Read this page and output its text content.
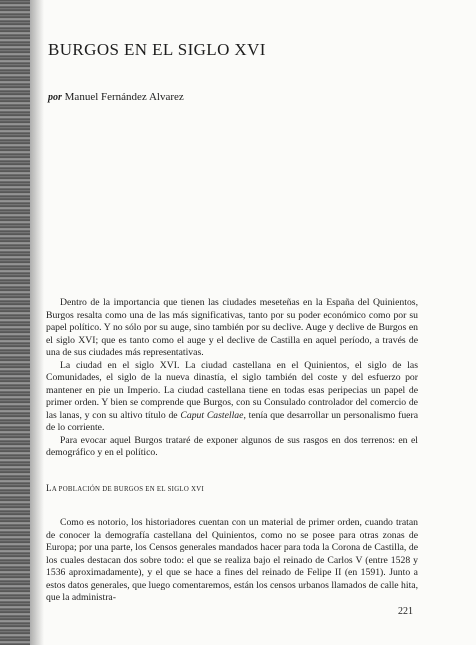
BURGOS EN EL SIGLO XVI
por Manuel Fernández Alvarez

Dentro de la importancia que tienen las ciudades meseteñas en la España del Quinientos, Burgos resalta como una de las más significativas, tanto por su poder económico como por su papel político. Y no sólo por su auge, sino también por su declive. Auge y declive de Burgos en el siglo XVI; que es tanto como el auge y el declive de Castilla en aquel período, a través de una de sus ciudades más representativas.

La ciudad en el siglo XVI. La ciudad castellana en el Quinientos, el siglo de las Comunidades, el siglo de la nueva dinastía, el siglo también del coste y del esfuerzo por mantener en pie un Imperio. La ciudad castellana tiene en todas esas peripecias un papel de primer orden. Y bien se comprende que Burgos, con su Consulado controlador del comercio de las lanas, y con su altivo título de Caput Castellae, tenía que desarrollar un personalismo fuera de lo corriente.

Para evocar aquel Burgos trataré de exponer algunos de sus rasgos en dos terrenos: en el demográfico y en el político.

LA POBLACIÓN DE BURGOS EN EL SIGLO XVI

Como es notorio, los historiadores cuentan con un material de primer orden, cuando tratan de conocer la demografía castellana del Quinientos, como no se posee para otras zonas de Europa; por una parte, los Censos generales mandados hacer para toda la Corona de Castilla, de los cuales destacan dos sobre todo: el que se realiza bajo el reinado de Carlos V (entre 1528 y 1536 aproximadamente), y el que se hace a fines del reinado de Felipe II (en 1591). Junto a estos datos generales, que luego comentaremos, están los censos urbanos llamados de calle hita, que la administra-

221
